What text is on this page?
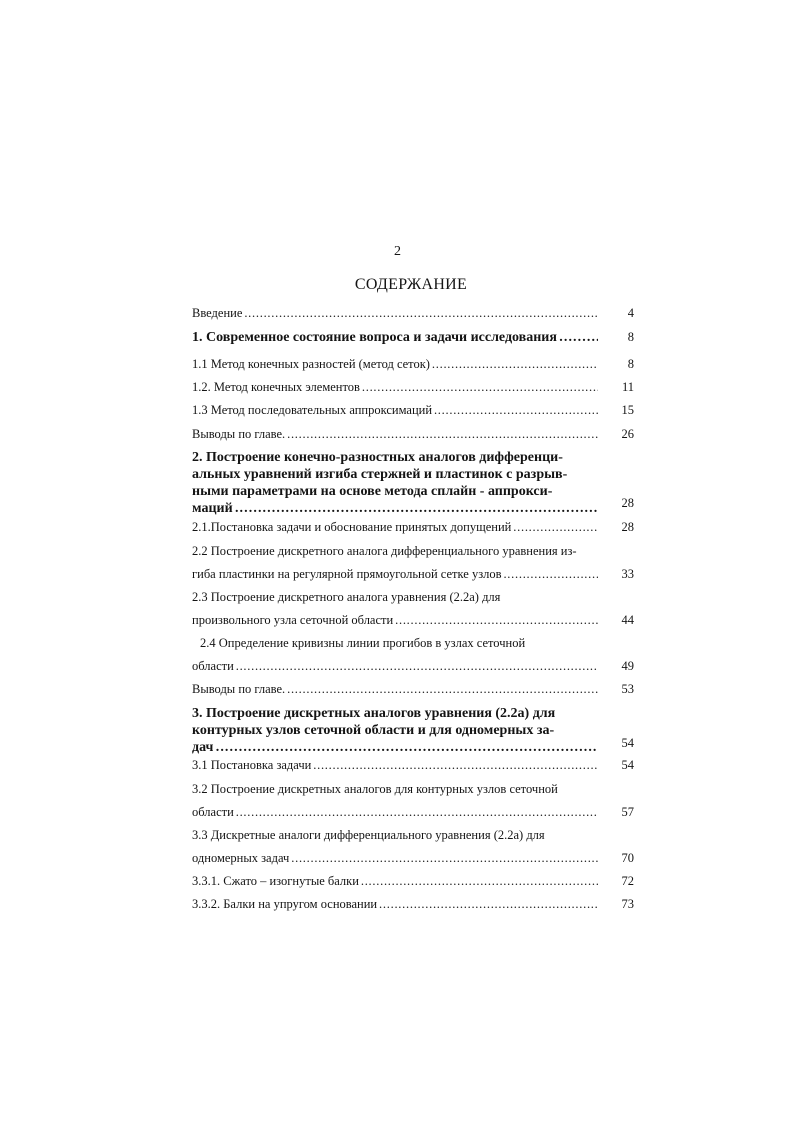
2
СОДЕРЖАНИЕ
Введение . . .	4
1. Современное состояние вопроса и задачи исследования . . .	8
1.1 Метод конечных разностей (метод сеток) . . .	8
1.2. Метод конечных элементов . . .	11
1.3 Метод последовательных аппроксимаций . . .	15
Выводы по главе. . . .	26
2. Построение конечно-разностных аналогов дифференци-
альных уравнений изгиба стержней и пластинок с разрыв-
ными параметрами на основе метода сплайн - аппрокси-
маций . . .	28
2.1.Постановка задачи и обоснование принятых допущений . . .	28
2.2 Построение дискретного аналога дифференциального уравнения из-
гиба пластинки на регулярной прямоугольной сетке узлов . . .	33
2.3 Построение дискретного аналога уравнения (2.2а) для
произвольного узла сеточной области . . .	44
2.4 Определение кривизны линии прогибов в узлах сеточной
области . . .	49
Выводы по главе. . . .	53
3. Построение дискретных аналогов уравнения (2.2а) для
контурных узлов сеточной области и для одномерных за-
дач . . .	54
3.1 Постановка задачи . . .	54
3.2 Построение дискретных аналогов для контурных узлов сеточной
области . . .	57
3.3 Дискретные аналоги дифференциального уравнения (2.2а) для
одномерных задач . . .	70
3.3.1. Сжато – изогнутые балки . . .	72
3.3.2. Балки на упругом основании . . .	73
